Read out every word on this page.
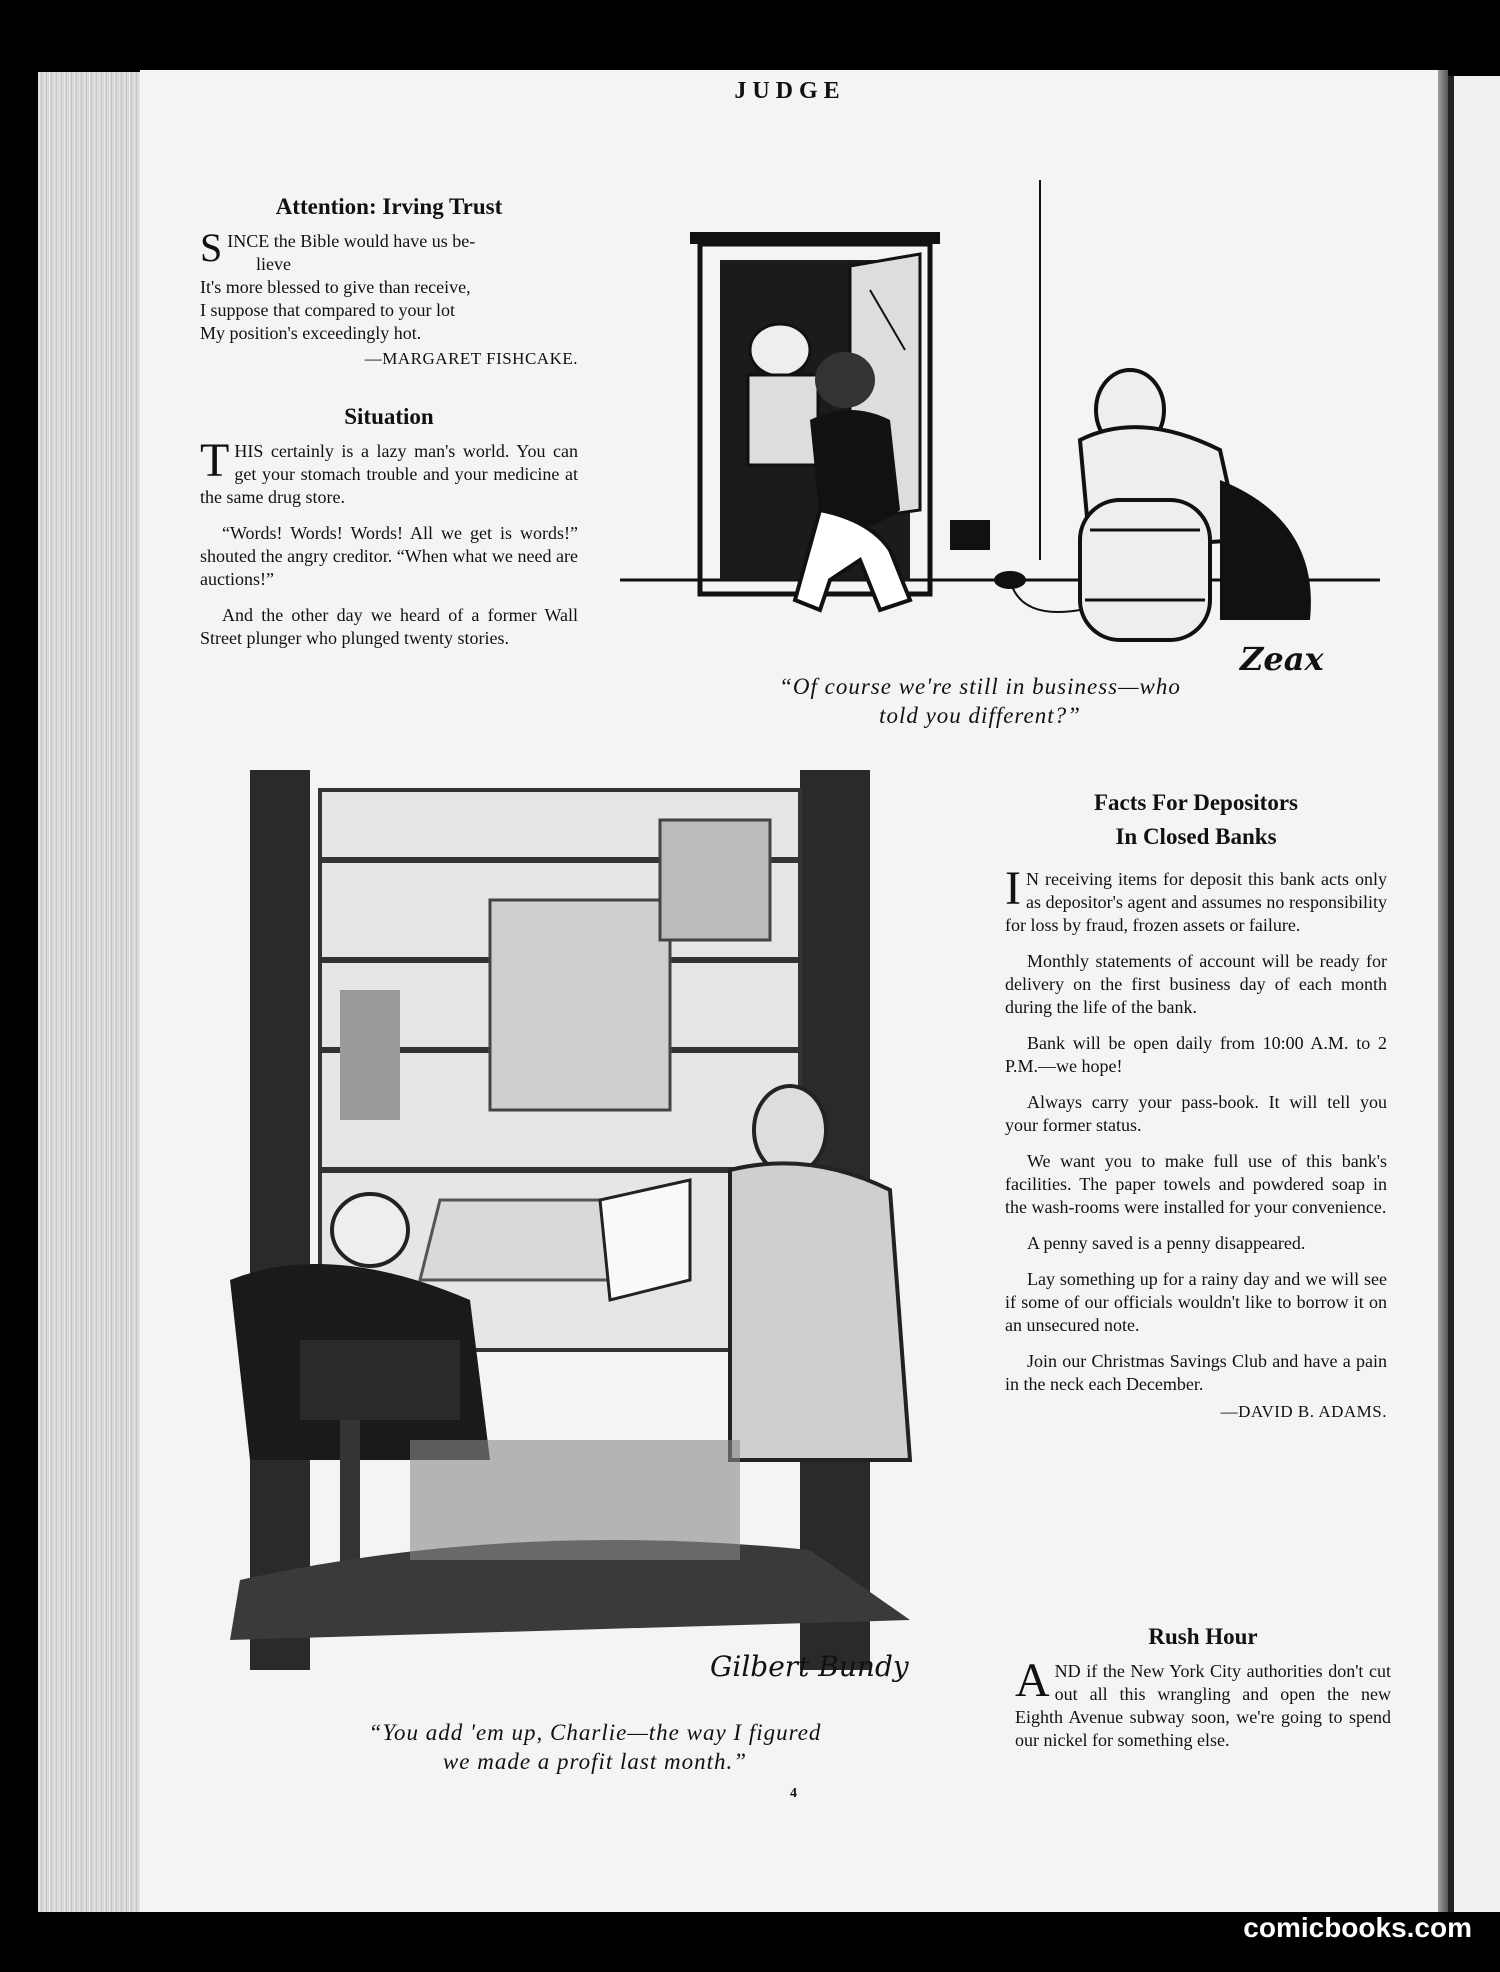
JUDGE
Attention: Irving Trust
S INCE the Bible would have us be-
lieve
It's more blessed to give than receive,
I suppose that compared to your lot
My position's exceedingly hot.
—MARGARET FISHCAKE.
Situation

THIS certainly is a lazy man's world. You can get your stomach trouble and your medicine at the same drug store.

“Words! Words! Words! All we get is words!” shouted the angry creditor. “When what we need are auctions!”

And the other day we heard of a former Wall Street plunger who plunged twenty stories.

Zeax
“Of course we're still in business—who
told you different?”
Gilbert Bundy
“You add 'em up, Charlie—the way I figured
we made a profit last month.”
Facts For Depositors
In Closed Banks

I N receiving items for deposit this bank acts only as depositor's agent and assumes no responsibility for loss by fraud, frozen assets or failure.

Monthly statements of account will be ready for delivery on the first business day of each month during the life of the bank.

Bank will be open daily from 10:00 A.M. to 2 P.M.—we hope!

Always carry your pass-book. It will tell you your former status.

We want you to make full use of this bank's facilities. The paper towels and powdered soap in the wash-rooms were installed for your convenience.

A penny saved is a penny disappeared.

Lay something up for a rainy day and we will see if some of our officials wouldn't like to borrow it on an unsecured note.

Join our Christmas Savings Club and have a pain in the neck each December.

—DAVID B. ADAMS.
Rush Hour

AND if the New York City authorities don't cut out all this wrangling and open the new Eighth Avenue subway soon, we're going to spend our nickel for something else.

4
comicbooks.com
